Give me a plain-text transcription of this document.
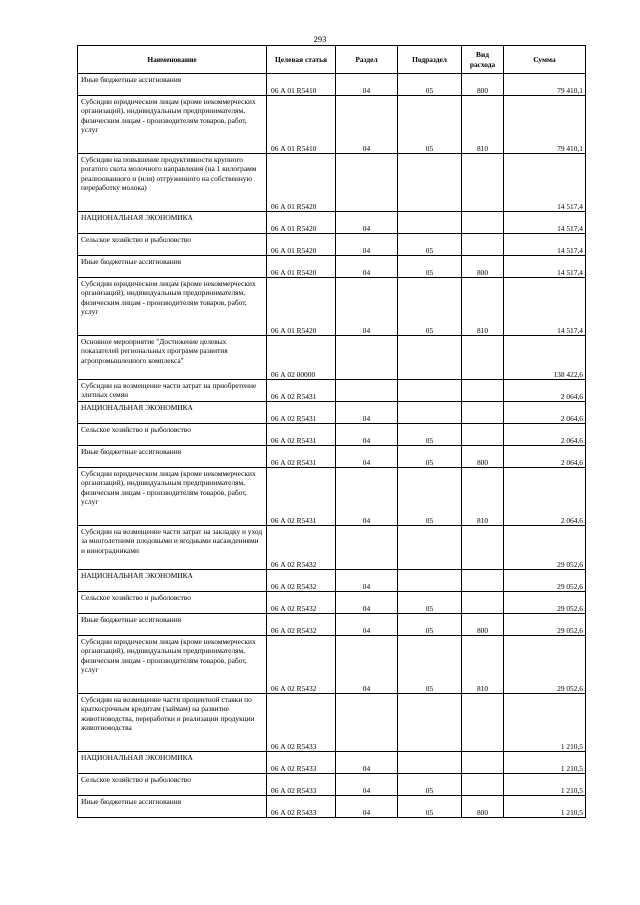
293
Наименование	Целевая статья	Раздел	Подраздел	Вид расхода	Сумма
Иные бюджетные ассигнования	06 А 01 R5410	04	05	800	79 410,1
Субсидии юридическим лицам (кроме некоммерческих организаций), индивидуальным предпринимателям, физическим лицам - производителям товаров, работ, услуг	06 А 01 R5410	04	05	810	79 410,1
Субсидии на повышение продуктивности крупного рогатого скота молочного направления (на 1 килограмм реализованного и (или) отгруженного на собственную переработку молока)	06 А 01 R5420				14 517,4
НАЦИОНАЛЬНАЯ ЭКОНОМИКА	06 А 01 R5420	04			14 517,4
Сельское хозяйство и рыболовство	06 А 01 R5420	04	05		14 517,4
Иные бюджетные ассигнования	06 А 01 R5420	04	05	800	14 517,4
Субсидии юридическим лицам (кроме некоммерческих организаций), индивидуальным предпринимателям, физическим лицам - производителям товаров, работ, услуг	06 А 01 R5420	04	05	810	14 517,4
Основное мероприятие "Достижение целевых показателей региональных программ развития агропромышленного комплекса"	06 А 02 00000				138 422,6
Субсидии на возмещение части затрат на приобретение элитных семян	06 А 02 R5431				2 064,6
НАЦИОНАЛЬНАЯ ЭКОНОМИКА	06 А 02 R5431	04			2 064,6
Сельское хозяйство и рыболовство	06 А 02 R5431	04	05		2 064,6
Иные бюджетные ассигнования	06 А 02 R5431	04	05	800	2 064,6
Субсидии юридическим лицам (кроме некоммерческих организаций), индивидуальным предпринимателям, физическим лицам - производителям товаров, работ, услуг	06 А 02 R5431	04	05	810	2 064,6
Субсидии на возмещение части затрат на закладку и уход за многолетними плодовыми и ягодными насаждениями и виноградниками	06 А 02 R5432				29 052,6
НАЦИОНАЛЬНАЯ ЭКОНОМИКА	06 А 02 R5432	04			29 052,6
Сельское хозяйство и рыболовство	06 А 02 R5432	04	05		29 052,6
Иные бюджетные ассигнования	06 А 02 R5432	04	05	800	29 052,6
Субсидии юридическим лицам (кроме некоммерческих организаций), индивидуальным предпринимателям, физическим лицам - производителям товаров, работ, услуг	06 А 02 R5432	04	05	810	29 052,6
Субсидии на возмещение части процентной ставки по краткосрочным кредитам (займам) на развитие животноводства, переработки и реализации продукции животноводства	06 А 02 R5433				1 210,5
НАЦИОНАЛЬНАЯ ЭКОНОМИКА	06 А 02 R5433	04			1 210,5
Сельское хозяйство и рыболовство	06 А 02 R5433	04	05		1 210,5
Иные бюджетные ассигнования	06 А 02 R5433	04	05	800	1 210,5
